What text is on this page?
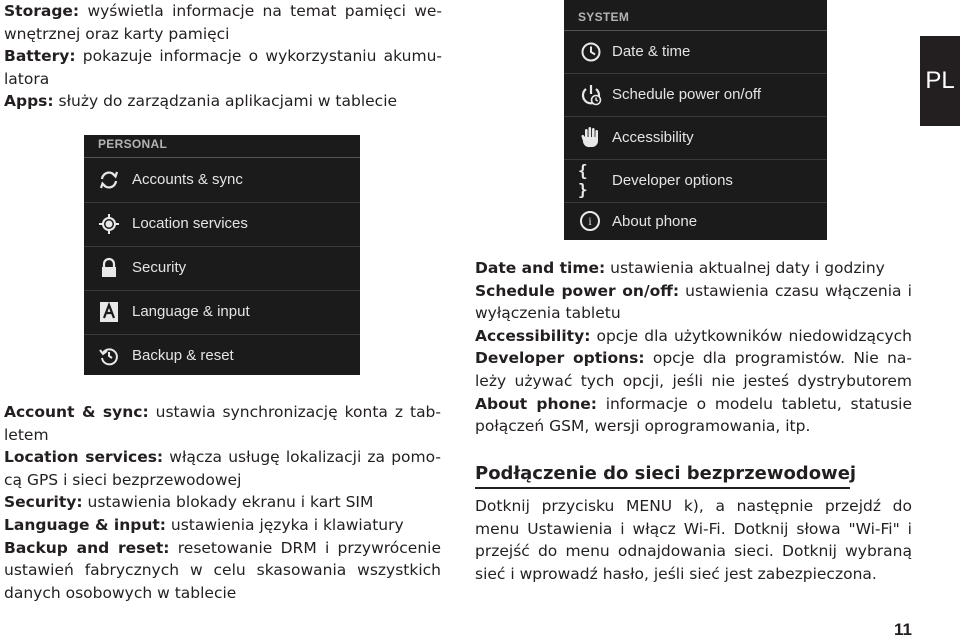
Storage: wyświetla informacje na temat pamięci we-
wnętrznej oraz karty pamięci
Battery: pokazuje informacje o wykorzystaniu akumu-
latora
Apps: służy do zarządzania aplikacjami w tablecie
PERSONAL
Accounts & sync
Location services
Security
Language & input
Backup & reset
SYSTEM
Date & time
Schedule power on/off
Accessibility
{ }	Developer options
i About phone
PL
Account & sync: ustawia synchronizację konta z tab-
letem
Location services: włącza usługę lokalizacji za pomo-
cą GPS i sieci bezprzewodowej
Security: ustawienia blokady ekranu i kart SIM
Language & input: ustawienia języka i klawiatury
Backup and reset: resetowanie DRM i przywrócenie
ustawień fabrycznych w celu skasowania wszystkich
danych osobowych w tablecie
Date and time: ustawienia aktualnej daty i godziny
Schedule power on/off: ustawienia czasu włączenia i
wyłączenia tabletu
Accessibility: opcje dla użytkowników niedowidzących
Developer options: opcje dla programistów. Nie na-
leży używać tych opcji, jeśli nie jesteś dystrybutorem
About phone: informacje o modelu tabletu, statusie
połączeń GSM, wersji oprogramowania, itp.
Podłączenie do sieci bezprzewodowej
Dotknij przycisku MENU k), a następnie przejdź do
menu Ustawienia i włącz Wi-Fi. Dotknij słowa "Wi-Fi" i
przejść do menu odnajdowania sieci. Dotknij wybraną
sieć i wprowadź hasło, jeśli sieć jest zabezpieczona.
11
